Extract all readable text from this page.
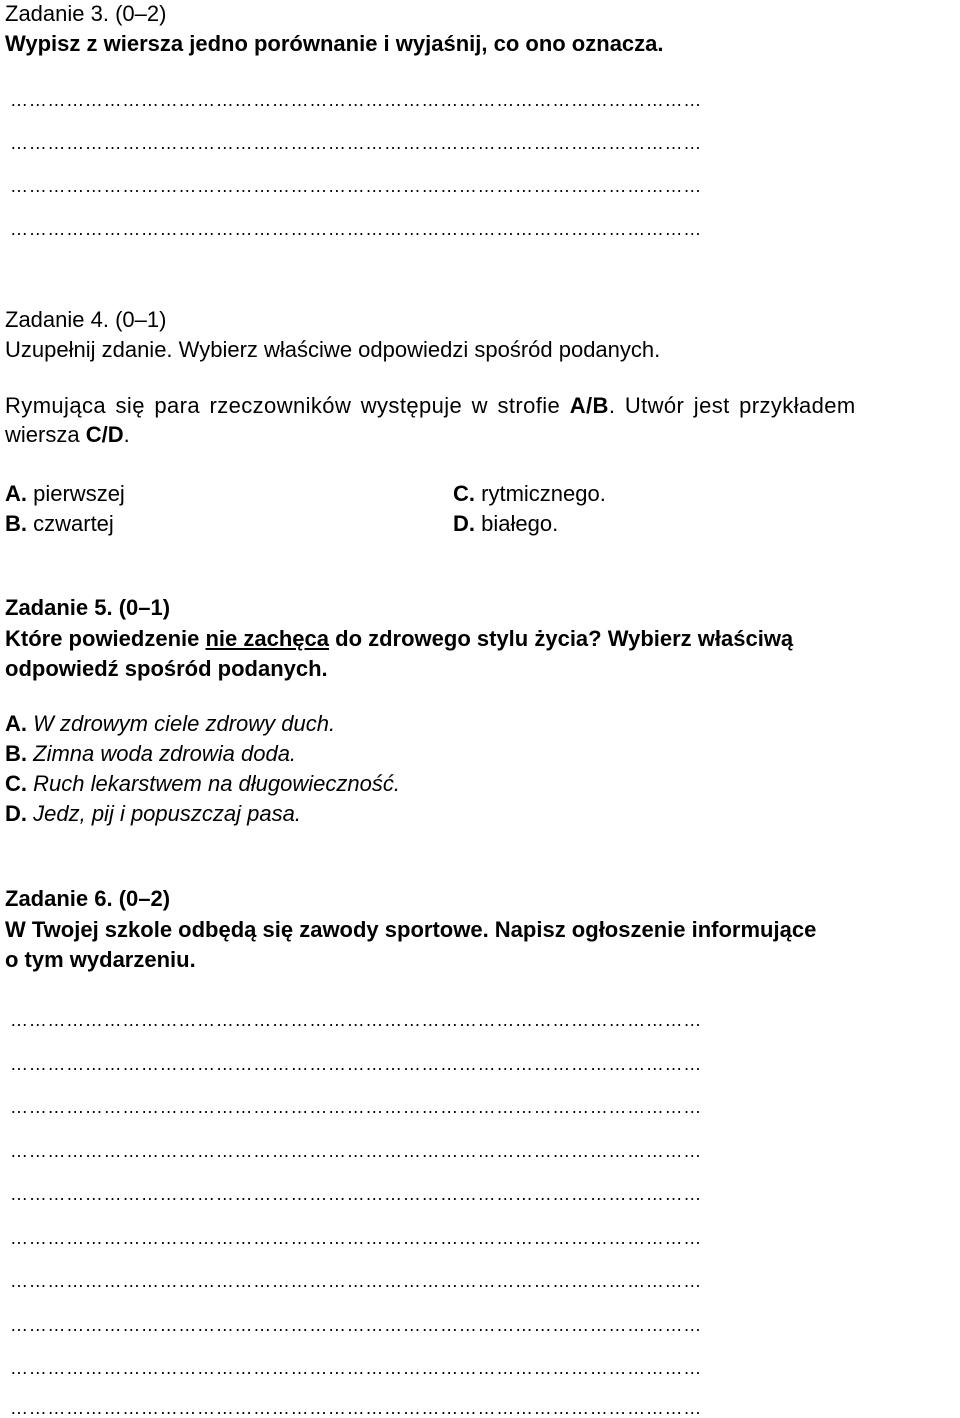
Zadanie 3. (0–2)

Wypisz z wiersza jedno porównanie i wyjaśnij, co ono oznacza.

…………………………………………………………………………………………………
…………………………………………………………………………………………………
…………………………………………………………………………………………………
…………………………………………………………………………………………………

Zadanie 4. (0–1)

Uzupełnij zdanie. Wybierz właściwe odpowiedzi spośród podanych.

Rymująca się para rzeczowników występuje w strofie A/B. Utwór jest przykładem

wiersza C/D.

A. pierwszej

B. czwartej

C. rytmicznego.

D. białego.

Zadanie 5. (0–1)

Które powiedzenie nie zachęca do zdrowego stylu życia? Wybierz właściwą

odpowiedź spośród podanych.

A. W zdrowym ciele zdrowy duch.

B. Zimna woda zdrowia doda.

C. Ruch lekarstwem na długowieczność.

D. Jedz, pij i popuszczaj pasa.

Zadanie 6. (0–2)

W Twojej szkole odbędą się zawody sportowe. Napisz ogłoszenie informujące

o tym wydarzeniu.

…………………………………………………………………………………………………
…………………………………………………………………………………………………
…………………………………………………………………………………………………
…………………………………………………………………………………………………
…………………………………………………………………………………………………
…………………………………………………………………………………………………
…………………………………………………………………………………………………
…………………………………………………………………………………………………
…………………………………………………………………………………………………
…………………………………………………………………………………………………
